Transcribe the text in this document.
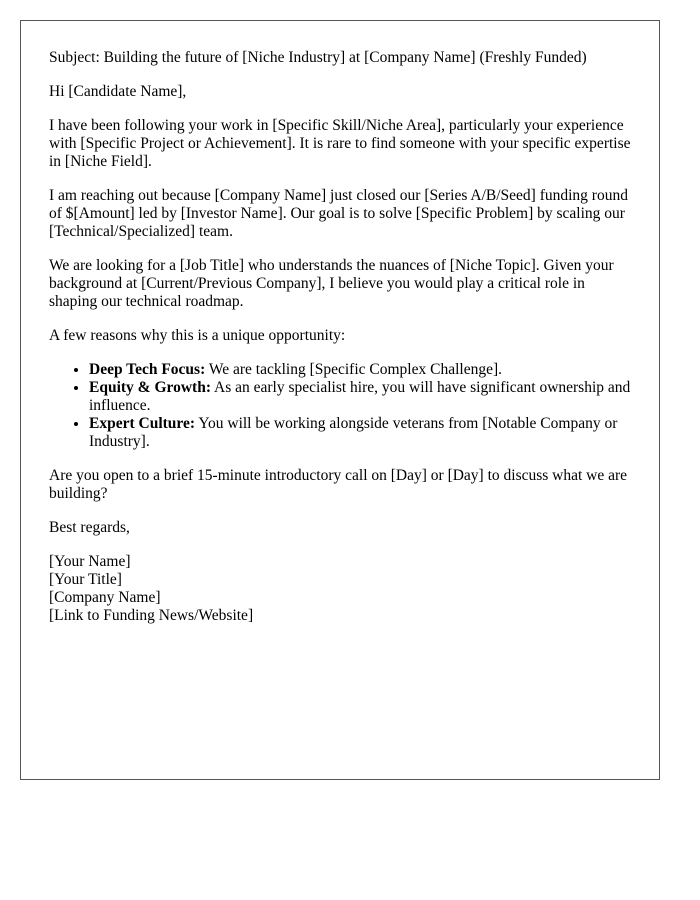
Subject: Building the future of [Niche Industry] at [Company Name] (Freshly Funded)

Hi [Candidate Name],

I have been following your work in [Specific Skill/Niche Area], particularly your experience with [Specific Project or Achievement]. It is rare to find someone with your specific expertise in [Niche Field].

I am reaching out because [Company Name] just closed our [Series A/B/Seed] funding round of $[Amount] led by [Investor Name]. Our goal is to solve [Specific Problem] by scaling our [Technical/Specialized] team.

We are looking for a [Job Title] who understands the nuances of [Niche Topic]. Given your background at [Current/Previous Company], I believe you would play a critical role in shaping our technical roadmap.

A few reasons why this is a unique opportunity:

• Deep Tech Focus: We are tackling [Specific Complex Challenge].
• Equity & Growth: As an early specialist hire, you will have significant ownership and influence.
• Expert Culture: You will be working alongside veterans from [Notable Company or Industry].

Are you open to a brief 15-minute introductory call on [Day] or [Day] to discuss what we are building?

Best regards,

[Your Name]
[Your Title]
[Company Name]
[Link to Funding News/Website]
